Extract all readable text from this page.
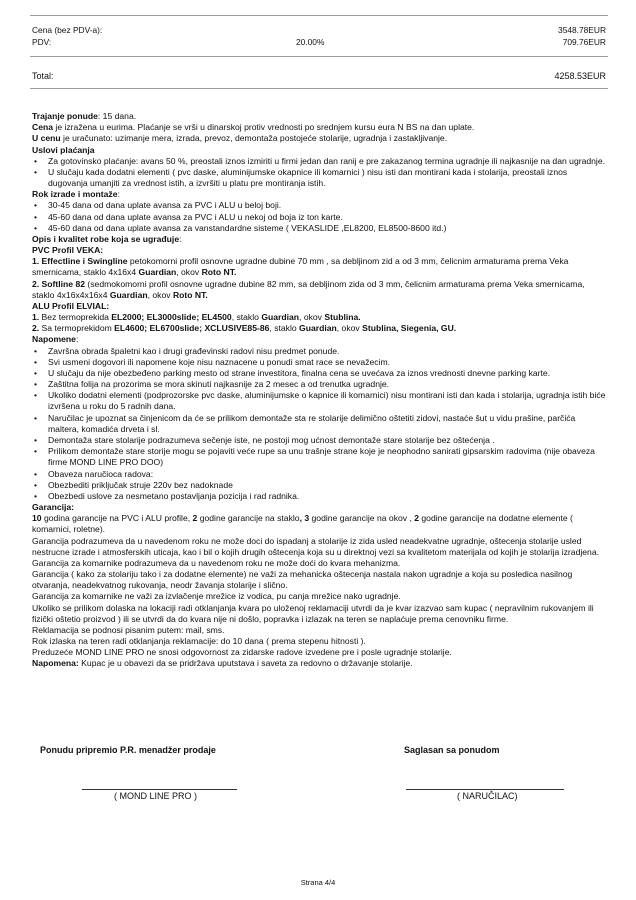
Cena (bez PDV-a):	3548.78EUR
PDV:	20.00%	709.76EUR
Total:	4258.53EUR

Trajanje ponude: 15 dana.

Cena je izražena u eurima. Plaćanje se vrši u dinarskoj protiv vrednosti po srednjem kursu eura N BS na dan uplate.

U cenu je uračunato: uzimanje mera, izrada, prevoz, demontaža postojeće stolarije, ugradnja i zastakljivanje.

Uslovi plaćanja

• Za gotovinsko plaćanje: avans 50 %, preostali iznos izmiriti u firmi jedan dan ranij e pre zakazanog termina ugradnje ili najkasnije na dan ugradnje.
• U slučaju kada dodatni elementi ( pvc daske, aluminijumske okapnice ili komarnici ) nisu isti dan montirani kada i stolarija, preostali iznos dugovanja umanjiti za vrednost istih, a izvršiti u platu pre montiranja istih.

Rok izrade i montaže:

• 30-45 dana od dana uplate avansa za PVC i ALU u beloj boji.
• 45-60 dana od dana uplate avansa za PVC i ALU u nekoj od boja iz ton karte.
• 45-60 dana od dana uplate avansa za vanstandardne sisteme ( VEKASLIDE ,EL8200, EL8500-8600 itd.)

Opis i kvalitet robe koja se ugrađuje:

PVC Profil VEKA:

1. Effectline i Swingline petokomorni profil osnovne ugradne dubine 70 mm , sa debljinom zid a od 3 mm, čelicnim armaturama prema Veka smernicama, staklo 4x16x4 Guardian, okov Roto NT.

2. Softline 82 (sedmokomorni profil osnovne ugradne dubine 82 mm, sa debljinom zida od 3 mm, čelicnim armaturama prema Veka smernicama, staklo 4x16x4x16x4 Guardian, okov Roto NT.

ALU Profil ELVIAL:

1. Bez termoprekida EL2000; EL3000slide; EL4500, staklo Guardian, okov Stublina.

2. Sa termoprekidom EL4600; EL6700slide; XCLUSIVE85-86, staklo Guardian, okov Stublina, Siegenia, GU.

Napomene:

• Završna obrada špaletni kao i drugi građevinski radovi nisu predmet ponude.
• Svi usmeni dogovori ili napomene koje nisu naznacene u ponudi smat race se nevažecim.
• U slučaju da nije obezbeđeno parking mesto od strane investitora, finalna cena se uvećava za iznos vrednosti dnevne parking karte.
• Zaštitna folija na prozorima se mora skinuti najkasnije za 2 mesec a od trenutka ugradnje.
• Ukoliko dodatni elementi (podprozorske pvc daske, aluminijumske o kapnice ili komarnici) nisu montirani isti dan kada i stolarija, ugradnja istih biće izvršena u roku do 5 radnih dana.
• Naručilac je upoznat sa činjenicom da će se prilikom demontaže sta re stolarije delimično oštetiti zidovi, nastaće šut u vidu prašine, parčića maltera, komadića drveta i sl.
• Demontaža stare stolarije podrazumeva sečenje iste, ne postoji mog ućnost demontaže stare stolarije bez oštećenja .
• Prilikom demontaže stare storije mogu se pojaviti veće rupe sa unu trašnje strane koje je neophodno sanirati gipsarskim radovima (nije obaveza firme MOND LINE PRO DOO)
• Obaveza naručioca radova:
• Obezbediti priključak struje 220v bez nadoknade
• Obezbedi uslove za nesmetano postavljanja pozicija i rad radnika.

Garancija:

10 godina garancije na PVC i ALU profile, 2 godine garancije na staklo, 3 godine garancije na okov , 2 godine garancije na dodatne elemente ( komarnici, roletne).

Garancija podrazumeva da u navedenom roku ne može doci do ispadanj a stolarije iz zida usled neadekvatne ugradnje, oštecenja stolarije usled nestrucne izrade i atmosferskih uticaja, kao i bil o kojih drugih oštecenja koja su u direktnoj vezi sa kvalitetom materijala od kojih je stolarija izradjena.

Garancija za komarnike podrazumeva da u navedenom roku ne može doći do kvara mehanizma.

Garancija ( kako za stolariju tako i za dodatne elemente) ne važi za mehanicka oštecenja nastala nakon ugradnje a koja su posledica nasilnog otvaranja, neadekvatnog rukovanja, neodr žavanja stolarije i slično.

Garancija za komarnike ne važi za izvlačenje mrežice iz vodica, pu canja mrežice nako ugradnje.

Ukoliko se prilikom dolaska na lokaciji radi otklanjanja kvara po uloženoj reklamaciji utvrdi da je kvar izazvao sam kupac ( nepravilnim rukovanjem ili fizički oštetio proizvod ) ili se utvrdi da do kvara nije ni došlo, popravka i izlazak na teren se naplaćuje prema cenovniku firme.

Reklamacija se podnosi pisanim putem: mail, sms.

Rok izlaska na teren radi otklanjanja reklamacije: do 10 dana ( prema stepenu hitnosti ).

Preduzeće MOND LINE PRO ne snosi odgovornost za zidarske radove izvedene pre i posle ugradnje stolarije.

Napomena: Kupac je u obavezi da se pridržava uputstava i saveta za redovno o državanje stolarije.

Ponudu pripremio P.R. menadžer prodaje	Saglasan sa ponudom
( MOND LINE PRO )	( NARUČILAC)
Strana 4/4
